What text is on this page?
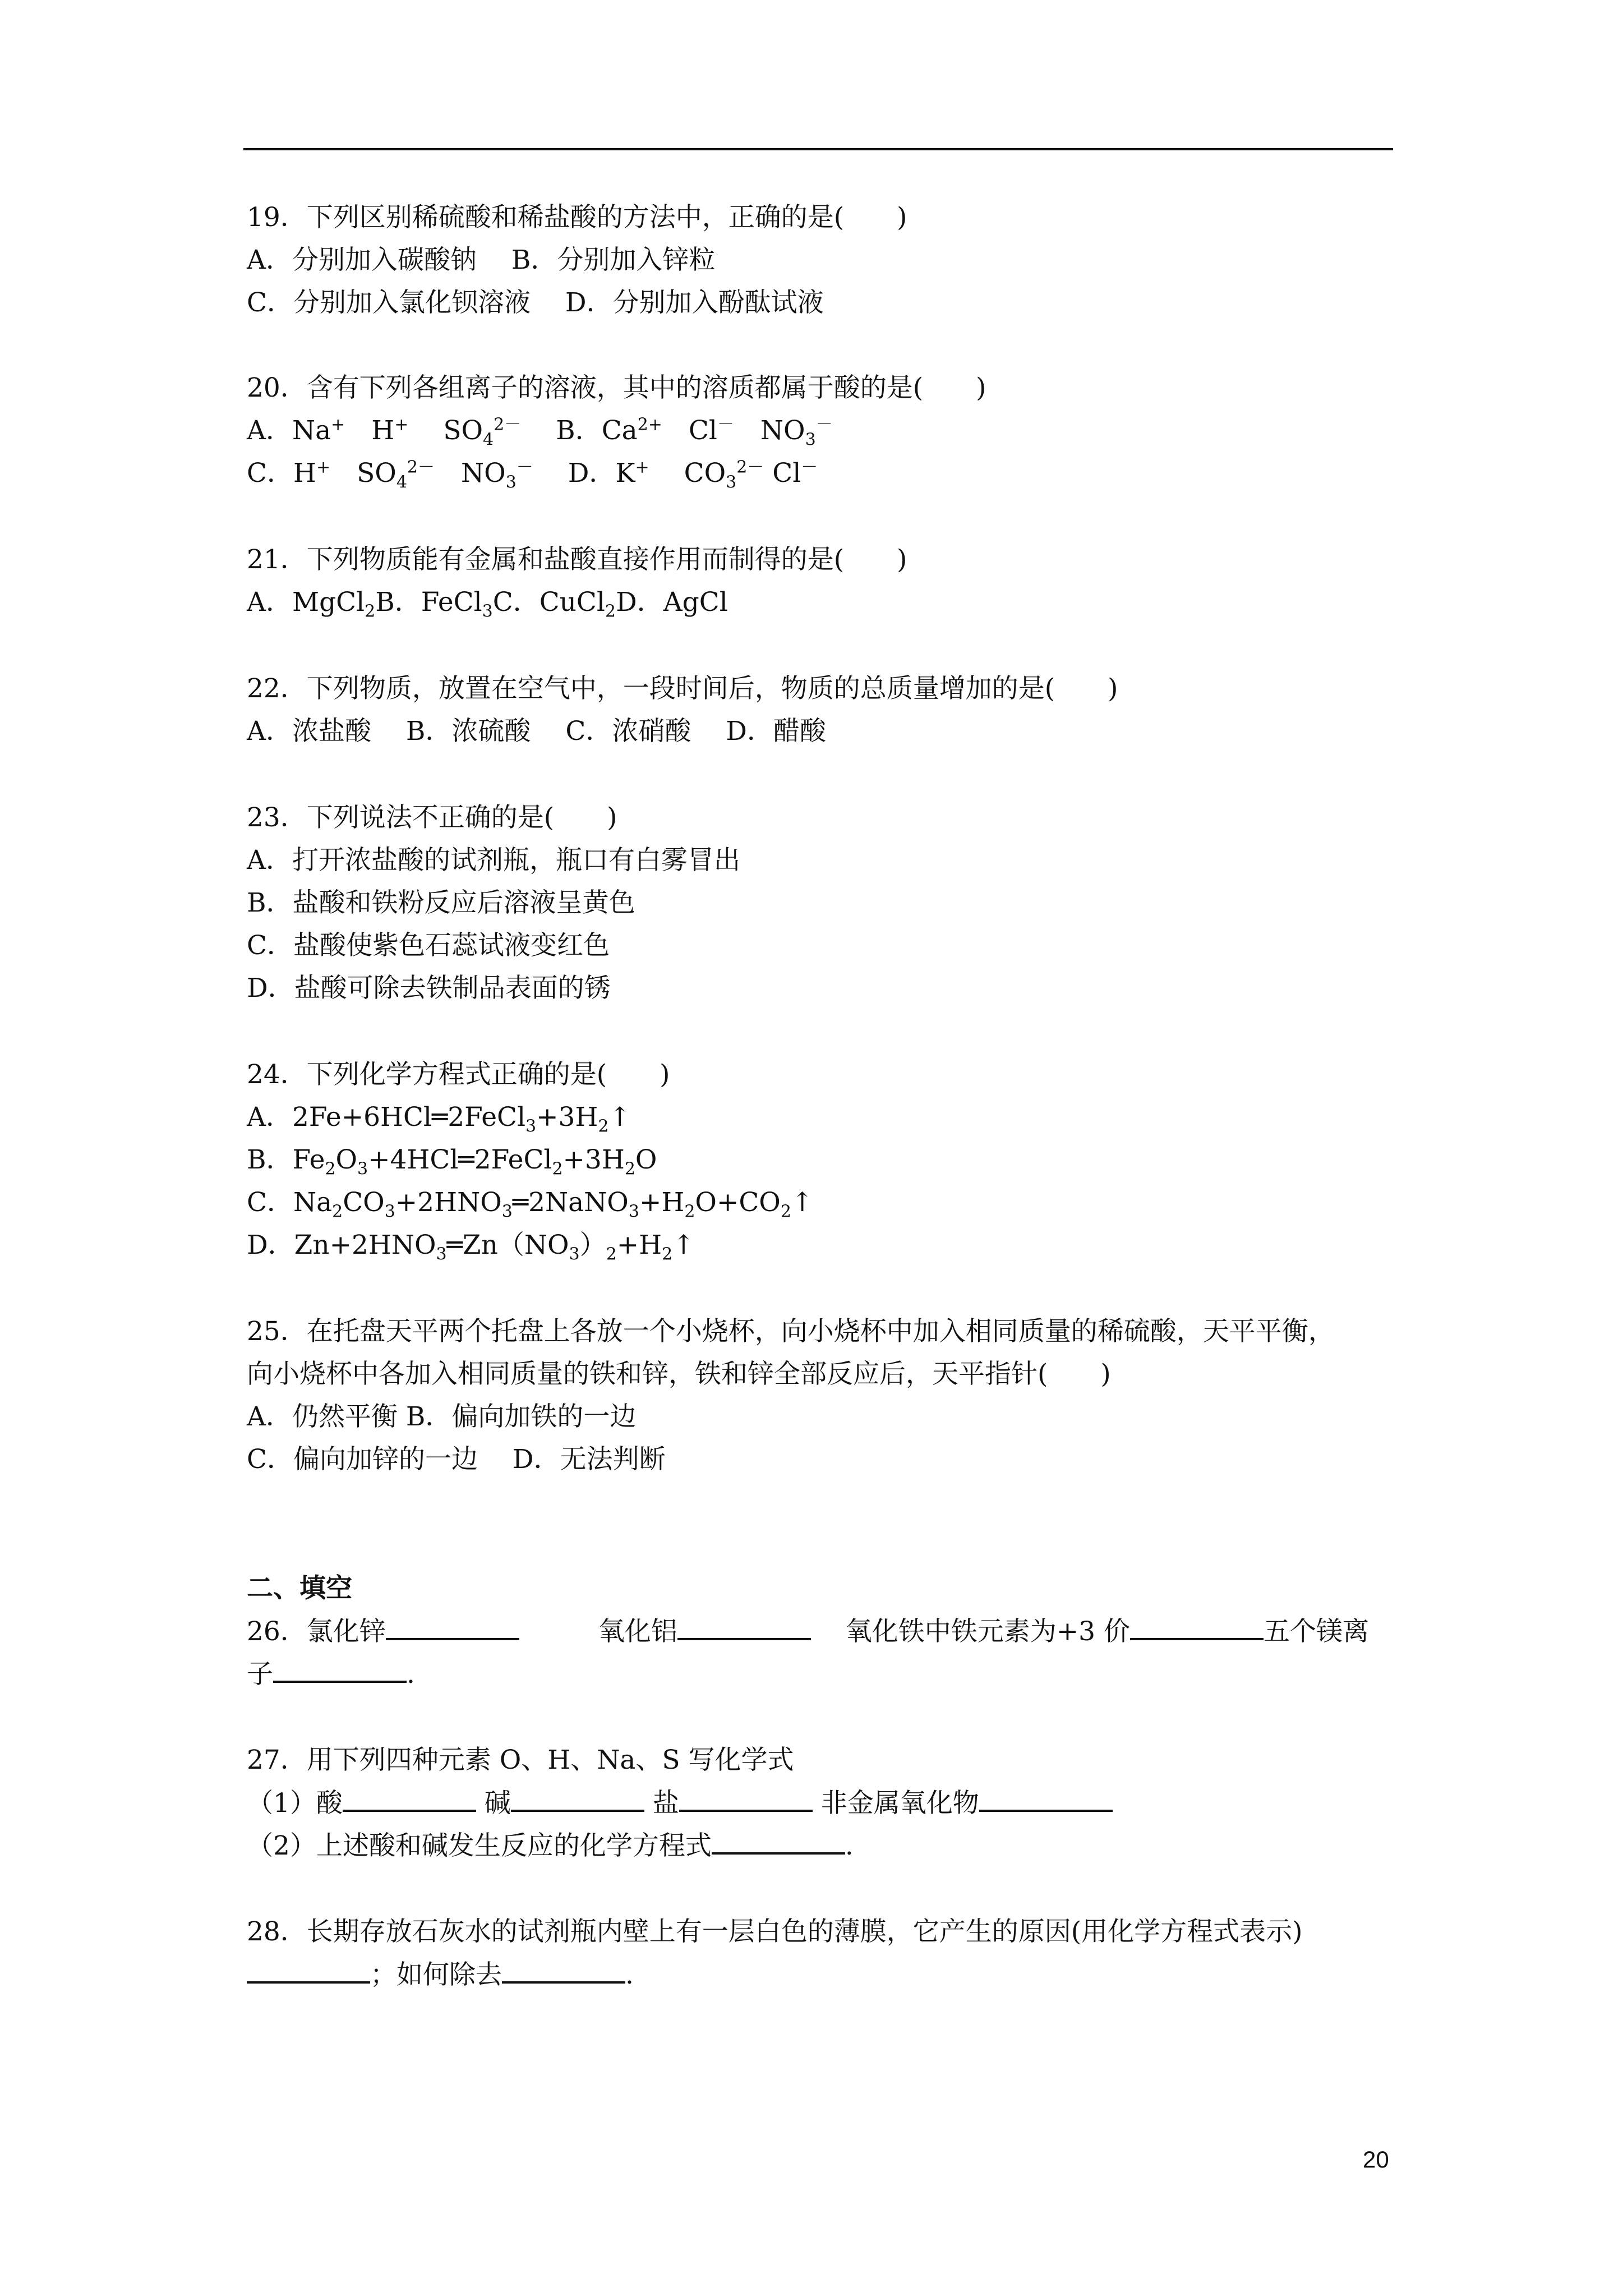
19．下列区别稀硫酸和稀盐酸的方法中，正确的是(　　)
A．分别加入碳酸钠　 B．分别加入锌粒
C．分别加入氯化钡溶液　 D．分别加入酚酞试液
20．含有下列各组离子的溶液，其中的溶质都属于酸的是(　　)
A．Na+　H+　 $SO_4^{2-}$　 B．$Ca^{2+}$　Cl－　$NO_3^-$
C．H+　$SO_4^{2-}$　$NO_3^-$　 D．K+　 $CO_3^{2-}$ Cl－
21．下列物质能有金属和盐酸直接作用而制得的是(　　)
A．MgCl$_2$B．FeCl$_3$C．CuCl$_2$D．AgCl
22．下列物质，放置在空气中，一段时间后，物质的总质量增加的是(　　)
A．浓盐酸　 B．浓硫酸　 C．浓硝酸　 D．醋酸
23．下列说法不正确的是(　　)
A．打开浓盐酸的试剂瓶，瓶口有白雾冒出
B．盐酸和铁粉反应后溶液呈黄色
C．盐酸使紫色石蕊试液变红色
D．盐酸可除去铁制品表面的锈
24．下列化学方程式正确的是(　　)
A．$2Fe+6HCl═2FeCl_3+3H_2↑$
B．$Fe_2O_3+4HCl═2FeCl_2+3H_2O$
C．$Na_2CO_3+2HNO_3═2NaNO_3+H_2O+CO_2↑$
D．$Zn+2HNO_3═Zn(NO_3)_2+H_2↑$
25．在托盘天平两个托盘上各放一个小烧杯，向小烧杯中加入相同质量的稀硫酸，天平平衡，
向小烧杯中各加入相同质量的铁和锌，铁和锌全部反应后，天平指针(　　)
A．仍然平衡 B．偏向加铁的一边
C．偏向加锌的一边　 D．无法判断
二、填空
26．氯化锌　　　	氧化铝　	氧化铁中铁元素为+3 价	五个镁离
子	.
27．用下列四种元素 O、H、Na、S 写化学式
（1）酸	碱	盐	非金属氧化物
（2）上述酸和碱发生反应的化学方程式	.
28．长期存放石灰水的试剂瓶内壁上有一层白色的薄膜，它产生的原因(用化学方程式表示)
；如何除去	.
20
